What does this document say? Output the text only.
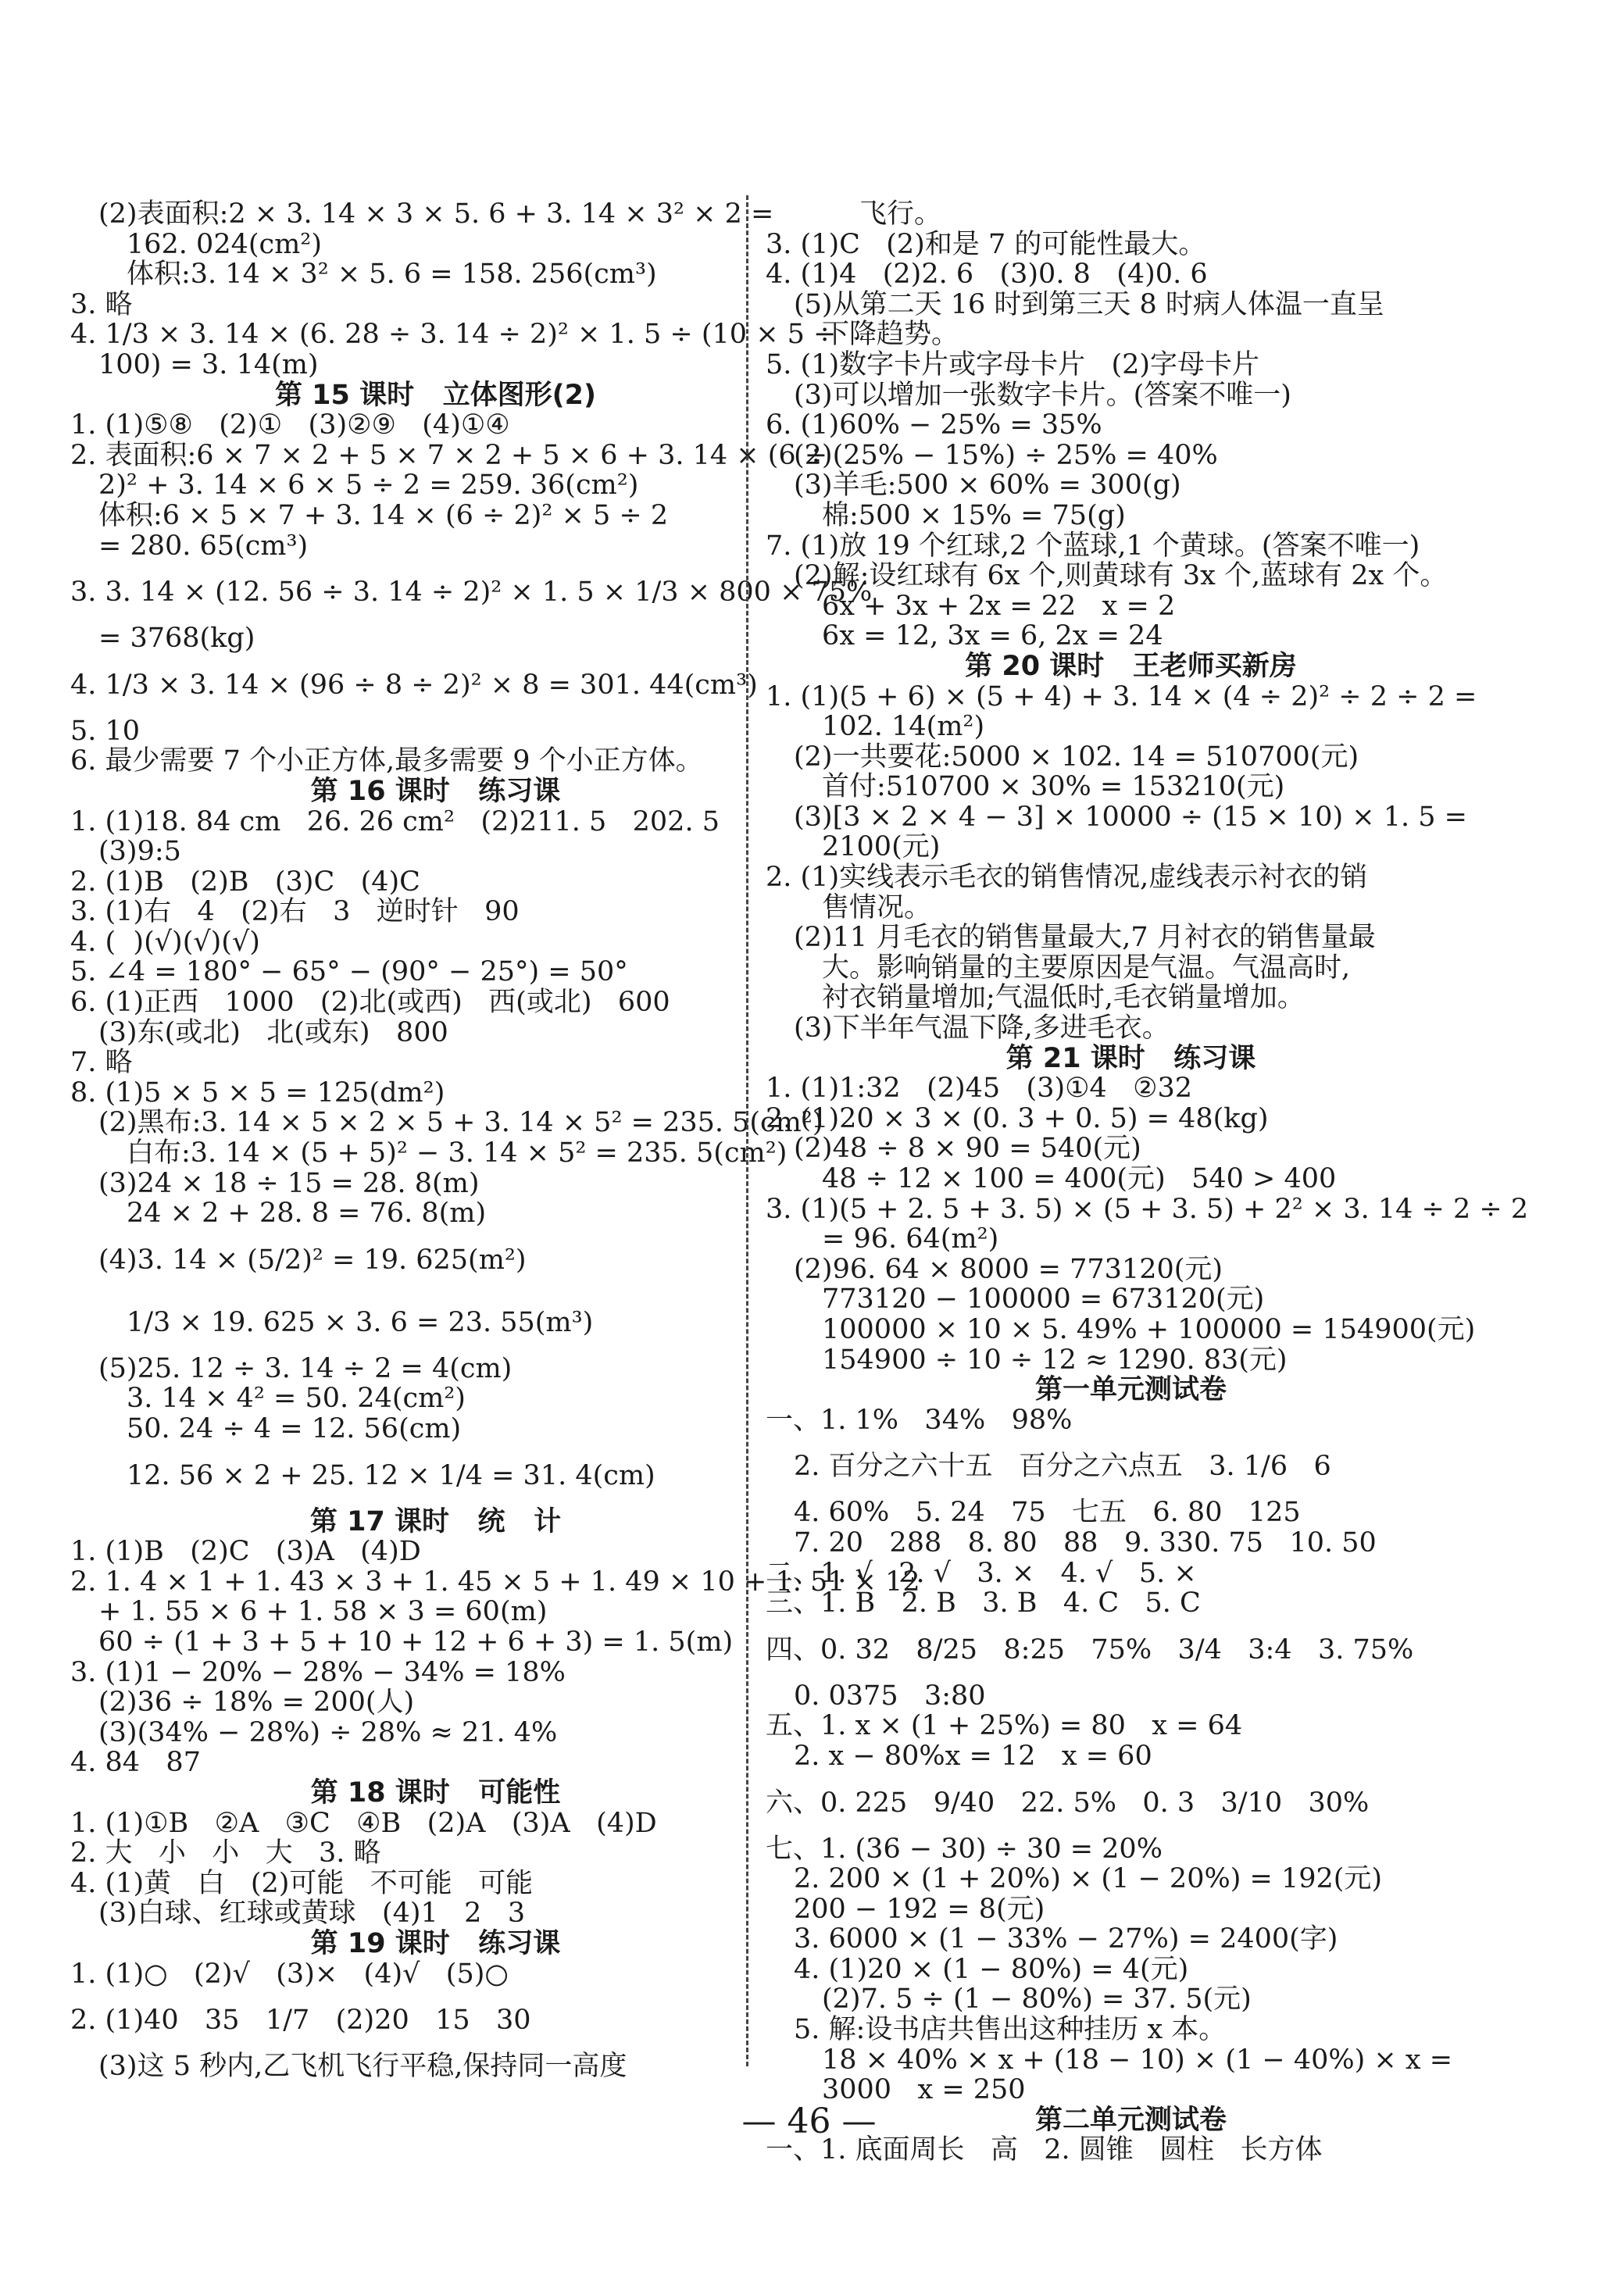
(2)表面积:2 × 3. 14 × 3 × 5. 6 + 3. 14 × 3² × 2 =
162. 024(cm²)
体积:3. 14 × 3² × 5. 6 = 158. 256(cm³)
3. 略
4. 1/3 × 3. 14 × (6. 28 ÷ 3. 14 ÷ 2)² × 1. 5 ÷ (10 × 5 ÷
100) = 3. 14(m)
第 15 课时   立体图形(2)
1. (1)⑤⑧   (2)①   (3)②⑨   (4)①④
2. 表面积:6 × 7 × 2 + 5 × 7 × 2 + 5 × 6 + 3. 14 × (6 ÷
2)² + 3. 14 × 6 × 5 ÷ 2 = 259. 36(cm²)
体积:6 × 5 × 7 + 3. 14 × (6 ÷ 2)² × 5 ÷ 2
= 280. 65(cm³)
3. 3. 14 × (12. 56 ÷ 3. 14 ÷ 2)² × 1. 5 × 1/3 × 800 × 75%
= 3768(kg)
4. 1/3 × 3. 14 × (96 ÷ 8 ÷ 2)² × 8 = 301. 44(cm³)
5. 10
6. 最少需要 7 个小正方体,最多需要 9 个小正方体。
第 16 课时   练习课
1. (1)18. 84 cm   26. 26 cm²   (2)211. 5   202. 5
(3)9:5
2. (1)B   (2)B   (3)C   (4)C
3. (1)右   4   (2)右   3   逆时针   90
4. (  )(√)(√)(√)
5. ∠4 = 180° − 65° − (90° − 25°) = 50°
6. (1)正西   1000   (2)北(或西)   西(或北)   600
(3)东(或北)   北(或东)   800
7. 略
8. (1)5 × 5 × 5 = 125(dm²)
(2)黑布:3. 14 × 5 × 2 × 5 + 3. 14 × 5² = 235. 5(cm²)
白布:3. 14 × (5 + 5)² − 3. 14 × 5² = 235. 5(cm²)
(3)24 × 18 ÷ 15 = 28. 8(m)
24 × 2 + 28. 8 = 76. 8(m)
(4)3. 14 × (5/2)² = 19. 625(m²)
1/3 × 19. 625 × 3. 6 = 23. 55(m³)
(5)25. 12 ÷ 3. 14 ÷ 2 = 4(cm)
3. 14 × 4² = 50. 24(cm²)
50. 24 ÷ 4 = 12. 56(cm)
12. 56 × 2 + 25. 12 × 1/4 = 31. 4(cm)
第 17 课时   统   计
1. (1)B   (2)C   (3)A   (4)D
2. 1. 4 × 1 + 1. 43 × 3 + 1. 45 × 5 + 1. 49 × 10 + 1. 51 × 12
+ 1. 55 × 6 + 1. 58 × 3 = 60(m)
60 ÷ (1 + 3 + 5 + 10 + 12 + 6 + 3) = 1. 5(m)
3. (1)1 − 20% − 28% − 34% = 18%
(2)36 ÷ 18% = 200(人)
(3)(34% − 28%) ÷ 28% ≈ 21. 4%
4. 84   87
第 18 课时   可能性
1. (1)①B   ②A   ③C   ④B   (2)A   (3)A   (4)D
2. 大   小   小   大   3. 略
4. (1)黄   白   (2)可能   不可能   可能
(3)白球、红球或黄球   (4)1   2   3
第 19 课时   练习课
1. (1)○   (2)√   (3)×   (4)√   (5)○
2. (1)40   35   1/7   (2)20   15   30
(3)这 5 秒内,乙飞机飞行平稳,保持同一高度
飞行。
3. (1)C   (2)和是 7 的可能性最大。
4. (1)4   (2)2. 6   (3)0. 8   (4)0. 6
(5)从第二天 16 时到第三天 8 时病人体温一直呈
下降趋势。
5. (1)数字卡片或字母卡片   (2)字母卡片
(3)可以增加一张数字卡片。(答案不唯一)
6. (1)60% − 25% = 35%
(2)(25% − 15%) ÷ 25% = 40%
(3)羊毛:500 × 60% = 300(g)
棉:500 × 15% = 75(g)
7. (1)放 19 个红球,2 个蓝球,1 个黄球。(答案不唯一)
(2)解:设红球有 6x 个,则黄球有 3x 个,蓝球有 2x 个。
6x + 3x + 2x = 22   x = 2
6x = 12, 3x = 6, 2x = 24
第 20 课时   王老师买新房
1. (1)(5 + 6) × (5 + 4) + 3. 14 × (4 ÷ 2)² ÷ 2 ÷ 2 =
102. 14(m²)
(2)一共要花:5000 × 102. 14 = 510700(元)
首付:510700 × 30% = 153210(元)
(3)[3 × 2 × 4 − 3] × 10000 ÷ (15 × 10) × 1. 5 =
2100(元)
2. (1)实线表示毛衣的销售情况,虚线表示衬衣的销
售情况。
(2)11 月毛衣的销售量最大,7 月衬衣的销售量最
大。影响销量的主要原因是气温。气温高时,
衬衣销量增加;气温低时,毛衣销量增加。
(3)下半年气温下降,多进毛衣。
第 21 课时   练习课
1. (1)1:32   (2)45   (3)①4   ②32
2. (1)20 × 3 × (0. 3 + 0. 5) = 48(kg)
(2)48 ÷ 8 × 90 = 540(元)
48 ÷ 12 × 100 = 400(元)   540 > 400
3. (1)(5 + 2. 5 + 3. 5) × (5 + 3. 5) + 2² × 3. 14 ÷ 2 ÷ 2
= 96. 64(m²)
(2)96. 64 × 8000 = 773120(元)
773120 − 100000 = 673120(元)
100000 × 10 × 5. 49% + 100000 = 154900(元)
154900 ÷ 10 ÷ 12 ≈ 1290. 83(元)
第一单元测试卷
一、1. 1%   34%   98%
2. 百分之六十五   百分之六点五   3. 1/6   6
4. 60%   5. 24   75   七五   6. 80   125
7. 20   288   8. 80   88   9. 330. 75   10. 50
二、1. √   2. √   3. ×   4. √   5. ×
三、1. B   2. B   3. B   4. C   5. C
四、0. 32   8/25   8:25   75%   3/4   3:4   3. 75%
0. 0375   3:80
五、1. x × (1 + 25%) = 80   x = 64
2. x − 80%x = 12   x = 60
六、0. 225   9/40   22. 5%   0. 3   3/10   30%
七、1. (36 − 30) ÷ 30 = 20%
2. 200 × (1 + 20%) × (1 − 20%) = 192(元)
200 − 192 = 8(元)
3. 6000 × (1 − 33% − 27%) = 2400(字)
4. (1)20 × (1 − 80%) = 4(元)
(2)7. 5 ÷ (1 − 80%) = 37. 5(元)
5. 解:设书店共售出这种挂历 x 本。
18 × 40% × x + (18 − 10) × (1 − 40%) × x =
3000   x = 250
第二单元测试卷
一、1. 底面周长   高   2. 圆锥   圆柱   长方体
— 46 —
